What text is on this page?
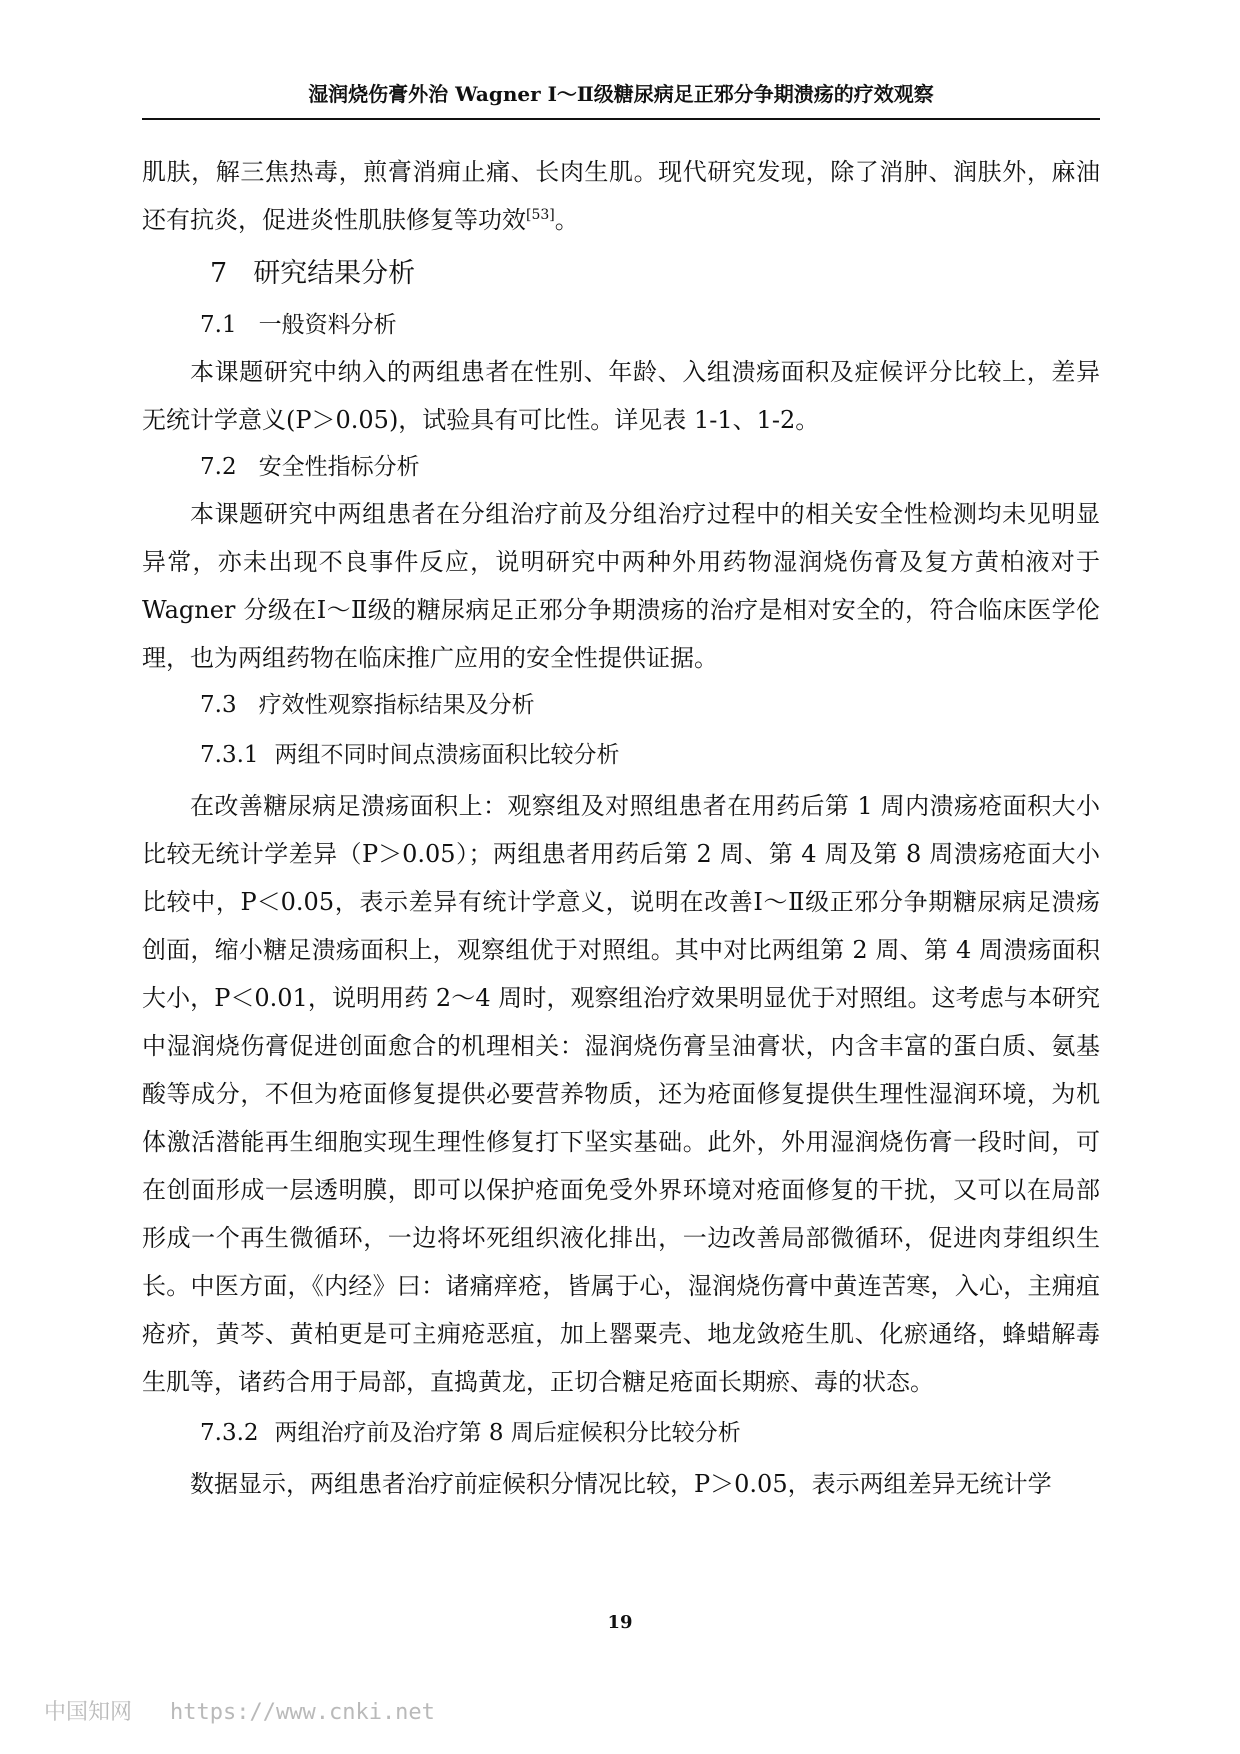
湿润烧伤膏外治 Wagner Ⅰ～Ⅱ级糖尿病足正邪分争期溃疡的疗效观察

肌肤，解三焦热毒，煎膏消痈止痛、长肉生肌。现代研究发现，除了消肿、润肤外，麻油还有抗炎，促进炎性肌肤修复等功效[53]。

7 研究结果分析
7.1 一般资料分析

本课题研究中纳入的两组患者在性别、年龄、入组溃疡面积及症候评分比较上，差异无统计学意义(P＞0.05)，试验具有可比性。详见表 1-1、1-2。

7.2 安全性指标分析

本课题研究中两组患者在分组治疗前及分组治疗过程中的相关安全性检测均未见明显异常，亦未出现不良事件反应，说明研究中两种外用药物湿润烧伤膏及复方黄柏液对于 Wagner 分级在Ⅰ～Ⅱ级的糖尿病足正邪分争期溃疡的治疗是相对安全的，符合临床医学伦理，也为两组药物在临床推广应用的安全性提供证据。

7.3 疗效性观察指标结果及分析
7.3.1 两组不同时间点溃疡面积比较分析

在改善糖尿病足溃疡面积上：观察组及对照组患者在用药后第 1 周内溃疡疮面积大小比较无统计学差异（P＞0.05）；两组患者用药后第 2 周、第 4 周及第 8 周溃疡疮面大小比较中，P＜0.05，表示差异有统计学意义，说明在改善Ⅰ～Ⅱ级正邪分争期糖尿病足溃疡创面，缩小糖足溃疡面积上，观察组优于对照组。其中对比两组第 2 周、第 4 周溃疡面积大小，P＜0.01，说明用药 2～4 周时，观察组治疗效果明显优于对照组。这考虑与本研究中湿润烧伤膏促进创面愈合的机理相关：湿润烧伤膏呈油膏状，内含丰富的蛋白质、氨基酸等成分，不但为疮面修复提供必要营养物质，还为疮面修复提供生理性湿润环境，为机体激活潜能再生细胞实现生理性修复打下坚实基础。此外，外用湿润烧伤膏一段时间，可在创面形成一层透明膜，即可以保护疮面免受外界环境对疮面修复的干扰，又可以在局部形成一个再生微循环，一边将坏死组织液化排出，一边改善局部微循环，促进肉芽组织生长。中医方面，《内经》曰：诸痛痒疮，皆属于心，湿润烧伤膏中黄连苦寒，入心，主痈疽疮疥，黄芩、黄柏更是可主痈疮恶疽，加上罂粟壳、地龙敛疮生肌、化瘀通络，蜂蜡解毒生肌等，诸药合用于局部，直捣黄龙，正切合糖足疮面长期瘀、毒的状态。

7.3.2 两组治疗前及治疗第 8 周后症候积分比较分析

数据显示，两组患者治疗前症候积分情况比较，P＞0.05，表示两组差异无统计学

19
中国知网 https://www.cnki.net
